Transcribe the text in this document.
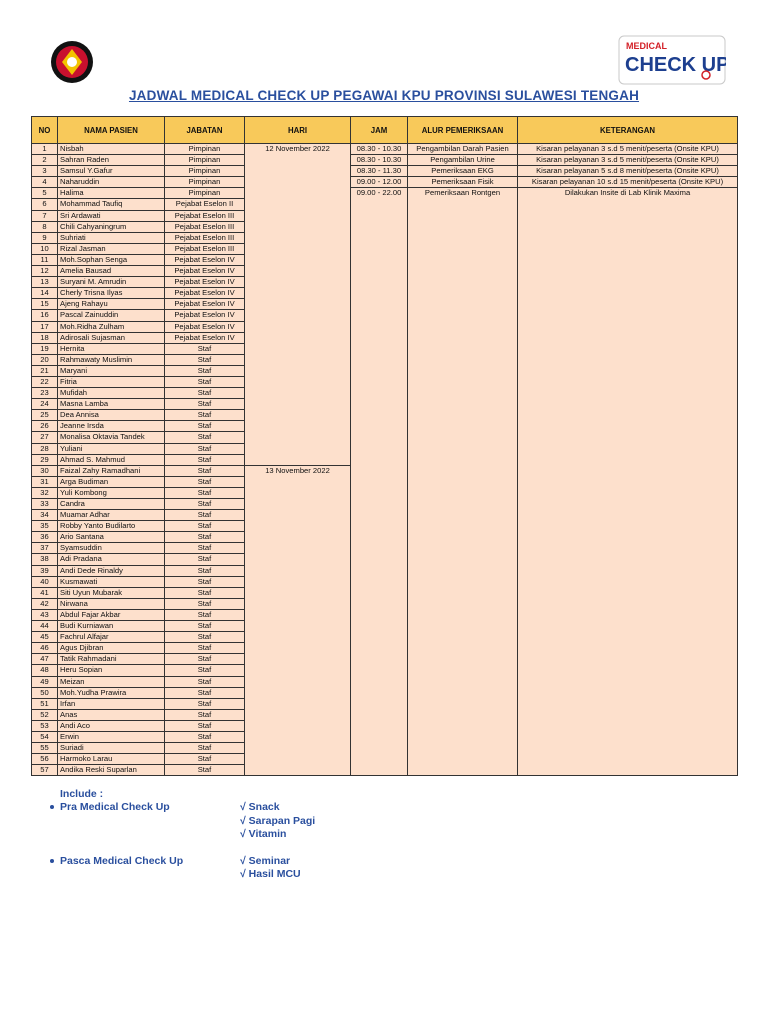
MEDICAL
CHECK UP
JADWAL MEDICAL CHECK UP PEGAWAI KPU PROVINSI SULAWESI TENGAH
NO	NAMA PASIEN	JABATAN	HARI	JAM	ALUR PEMERIKSAAN	KETERANGAN
1	Nisbah	Pimpinan	12 November 2022	08.30 - 10.30	Pengambilan Darah Pasien	Kisaran pelayanan 3 s.d 5 menit/peserta (Onsite KPU)
2	Sahran Raden	Pimpinan		08.30 - 10.30	Pengambilan Urine	Kisaran pelayanan 3 s.d 5 menit/peserta (Onsite KPU)
3	Samsul Y.Gafur	Pimpinan		08.30 - 11.30	Pemeriksaan EKG	Kisaran pelayanan 5 s.d 8 menit/peserta (Onsite KPU)
4	Naharuddin	Pimpinan		09.00 - 12.00	Pemeriksaan Fisik	Kisaran pelayanan 10 s.d 15 menit/peserta (Onsite KPU)
5	Halima	Pimpinan		09.00 - 22.00	Pemeriksaan Rontgen	Dilakukan Insite di Lab Klinik Maxima
6	Mohammad Taufiq	Pejabat Eselon II				
7	Sri Ardawati	Pejabat Eselon III				
8	Chili Cahyaningrum	Pejabat Eselon III				
9	Suhriati	Pejabat Eselon III				
10	Rizal Jasman	Pejabat Eselon III				
11	Moh.Sophan Senga	Pejabat Eselon IV				
12	Amelia Bausad	Pejabat Eselon IV				
13	Suryani M. Amrudin	Pejabat Eselon IV				
14	Cherly Trisna Ilyas	Pejabat Eselon IV				
15	Ajeng Rahayu	Pejabat Eselon IV				
16	Pascal Zainuddin	Pejabat Eselon IV				
17	Moh.Ridha Zulham	Pejabat Eselon IV				
18	Adirosali Sujasman	Pejabat Eselon IV				
19	Hernita	Staf				
20	Rahmawaty Muslimin	Staf				
21	Maryani	Staf				
22	Fitria	Staf				
23	Mufidah	Staf				
24	Masna Lamba	Staf				
25	Dea Annisa	Staf				
26	Jeanne Irsda	Staf				
27	Monalisa Oktavia Tandek	Staf				
28	Yuliani	Staf				
29	Ahmad S. Mahmud	Staf				
30	Faizal Zahy Ramadhani	Staf	13 November 2022			
31	Arga Budiman	Staf				
32	Yuli Kombong	Staf				
33	Candra	Staf				
34	Muamar Adhar	Staf				
35	Robby Yanto Budilarto	Staf				
36	Ario Santana	Staf				
37	Syamsuddin	Staf				
38	Adi Pradana	Staf				
39	Andi Dede Rinaldy	Staf				
40	Kusmawati	Staf				
41	Siti Uyun Mubarak	Staf				
42	Nirwana	Staf				
43	Abdul Fajar Akbar	Staf				
44	Budi Kurniawan	Staf				
45	Fachrul Alfajar	Staf				
46	Agus Djibran	Staf				
47	Tatik Rahmadani	Staf				
48	Heru Sopian	Staf				
49	Meizan	Staf				
50	Moh.Yudha Prawira	Staf				
51	Irfan	Staf				
52	Anas	Staf				
53	Andi Aco	Staf				
54	Erwin	Staf				
55	Suriadi	Staf				
56	Harmoko Larau	Staf				
57	Andika Reski Suparlan	Staf				
Include :
Pra Medical Check Up	√ Snack
√ Sarapan Pagi
√ Vitamin
Pasca Medical Check Up	√ Seminar
√ Hasil MCU
